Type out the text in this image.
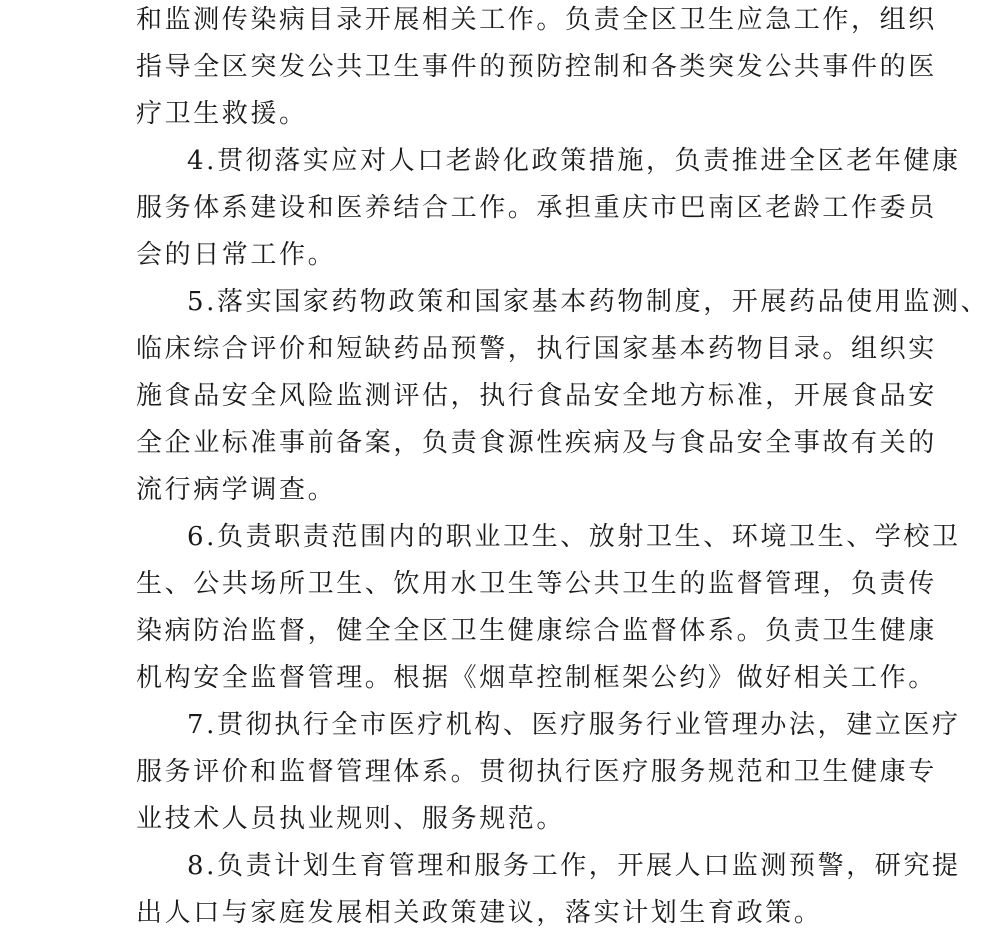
和监测传染病目录开展相关工作。负责全区卫生应急工作，组织
指导全区突发公共卫生事件的预防控制和各类突发公共事件的医
疗卫生救援。
4.贯彻落实应对人口老龄化政策措施，负责推进全区老年健康
服务体系建设和医养结合工作。承担重庆市巴南区老龄工作委员
会的日常工作。
5.落实国家药物政策和国家基本药物制度，开展药品使用监测、
临床综合评价和短缺药品预警，执行国家基本药物目录。组织实
施食品安全风险监测评估，执行食品安全地方标准，开展食品安
全企业标准事前备案，负责食源性疾病及与食品安全事故有关的
流行病学调查。
6.负责职责范围内的职业卫生、放射卫生、环境卫生、学校卫
生、公共场所卫生、饮用水卫生等公共卫生的监督管理，负责传
染病防治监督，健全全区卫生健康综合监督体系。负责卫生健康
机构安全监督管理。根据《烟草控制框架公约》做好相关工作。
7.贯彻执行全市医疗机构、医疗服务行业管理办法，建立医疗
服务评价和监督管理体系。贯彻执行医疗服务规范和卫生健康专
业技术人员执业规则、服务规范。
8.负责计划生育管理和服务工作，开展人口监测预警，研究提
出人口与家庭发展相关政策建议，落实计划生育政策。
